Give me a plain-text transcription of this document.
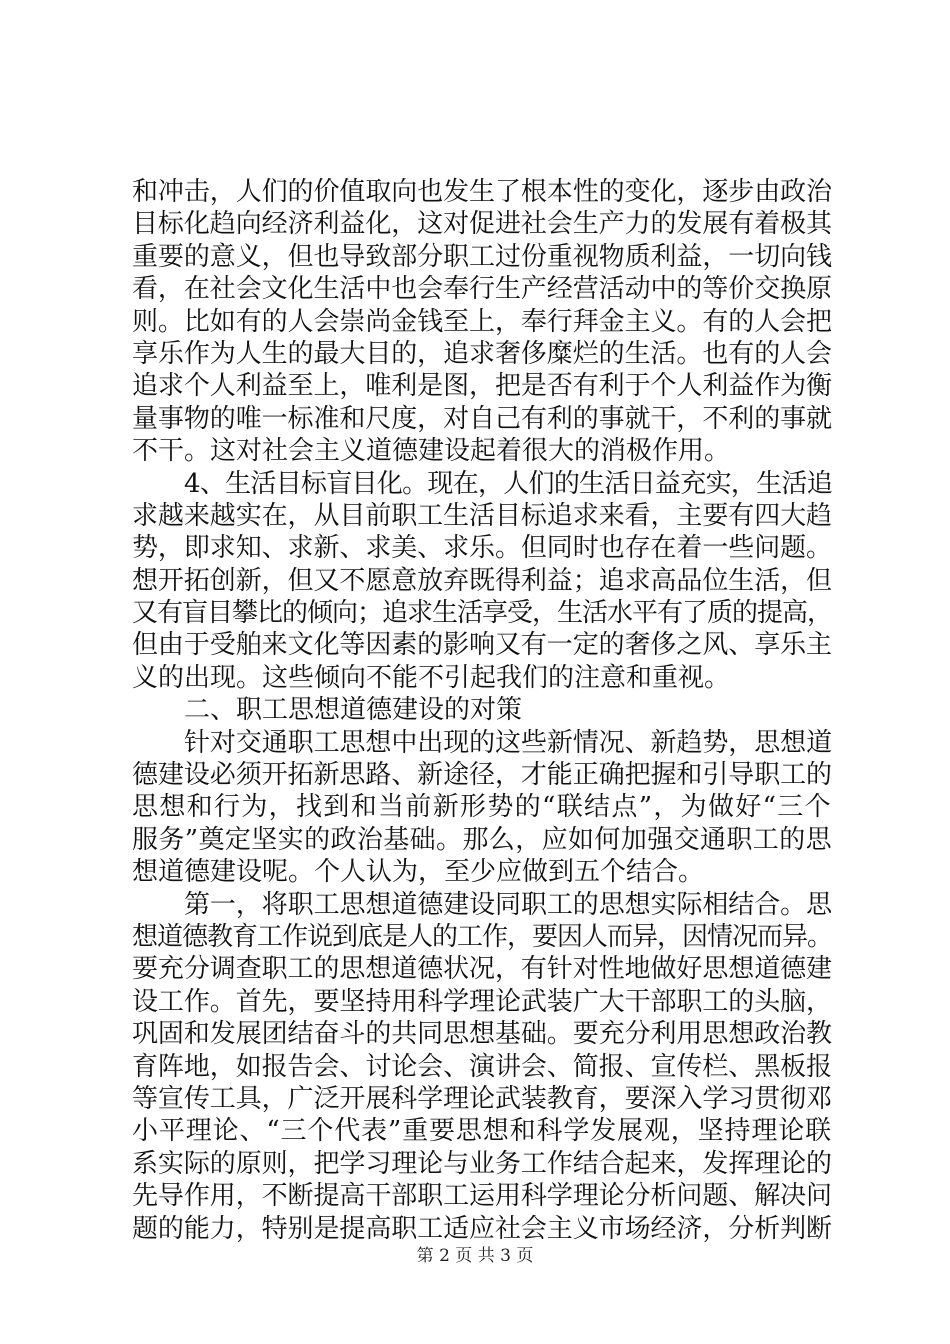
和冲击，人们的价值取向也发生了根本性的变化，逐步由政治
目标化趋向经济利益化，这对促进社会生产力的发展有着极其
重要的意义，但也导致部分职工过份重视物质利益，一切向钱
看，在社会文化生活中也会奉行生产经营活动中的等价交换原
则。比如有的人会崇尚金钱至上，奉行拜金主义。有的人会把
享乐作为人生的最大目的，追求奢侈糜烂的生活。也有的人会
追求个人利益至上，唯利是图，把是否有利于个人利益作为衡
量事物的唯一标准和尺度，对自己有利的事就干，不利的事就
不干。这对社会主义道德建设起着很大的消极作用。
4、生活目标盲目化。现在，人们的生活日益充实，生活追
求越来越实在，从目前职工生活目标追求来看，主要有四大趋
势，即求知、求新、求美、求乐。但同时也存在着一些问题。
想开拓创新，但又不愿意放弃既得利益；追求高品位生活，但
又有盲目攀比的倾向；追求生活享受，生活水平有了质的提高，
但由于受舶来文化等因素的影响又有一定的奢侈之风、享乐主
义的出现。这些倾向不能不引起我们的注意和重视。
二、职工思想道德建设的对策
针对交通职工思想中出现的这些新情况、新趋势，思想道
德建设必须开拓新思路、新途径，才能正确把握和引导职工的
思想和行为，找到和当前新形势的“联结点”，为做好“三个
服务”奠定坚实的政治基础。那么，应如何加强交通职工的思
想道德建设呢。个人认为，至少应做到五个结合。
第一，将职工思想道德建设同职工的思想实际相结合。思
想道德教育工作说到底是人的工作，要因人而异，因情况而异。
要充分调查职工的思想道德状况，有针对性地做好思想道德建
设工作。首先，要坚持用科学理论武装广大干部职工的头脑，
巩固和发展团结奋斗的共同思想基础。要充分利用思想政治教
育阵地，如报告会、讨论会、演讲会、简报、宣传栏、黑板报
等宣传工具，广泛开展科学理论武装教育，要深入学习贯彻邓
小平理论、“三个代表”重要思想和科学发展观，坚持理论联
系实际的原则，把学习理论与业务工作结合起来，发挥理论的
先导作用，不断提高干部职工运用科学理论分析问题、解决问
题的能力，特别是提高职工适应社会主义市场经济，分析判断
第 2 页 共 3 页
